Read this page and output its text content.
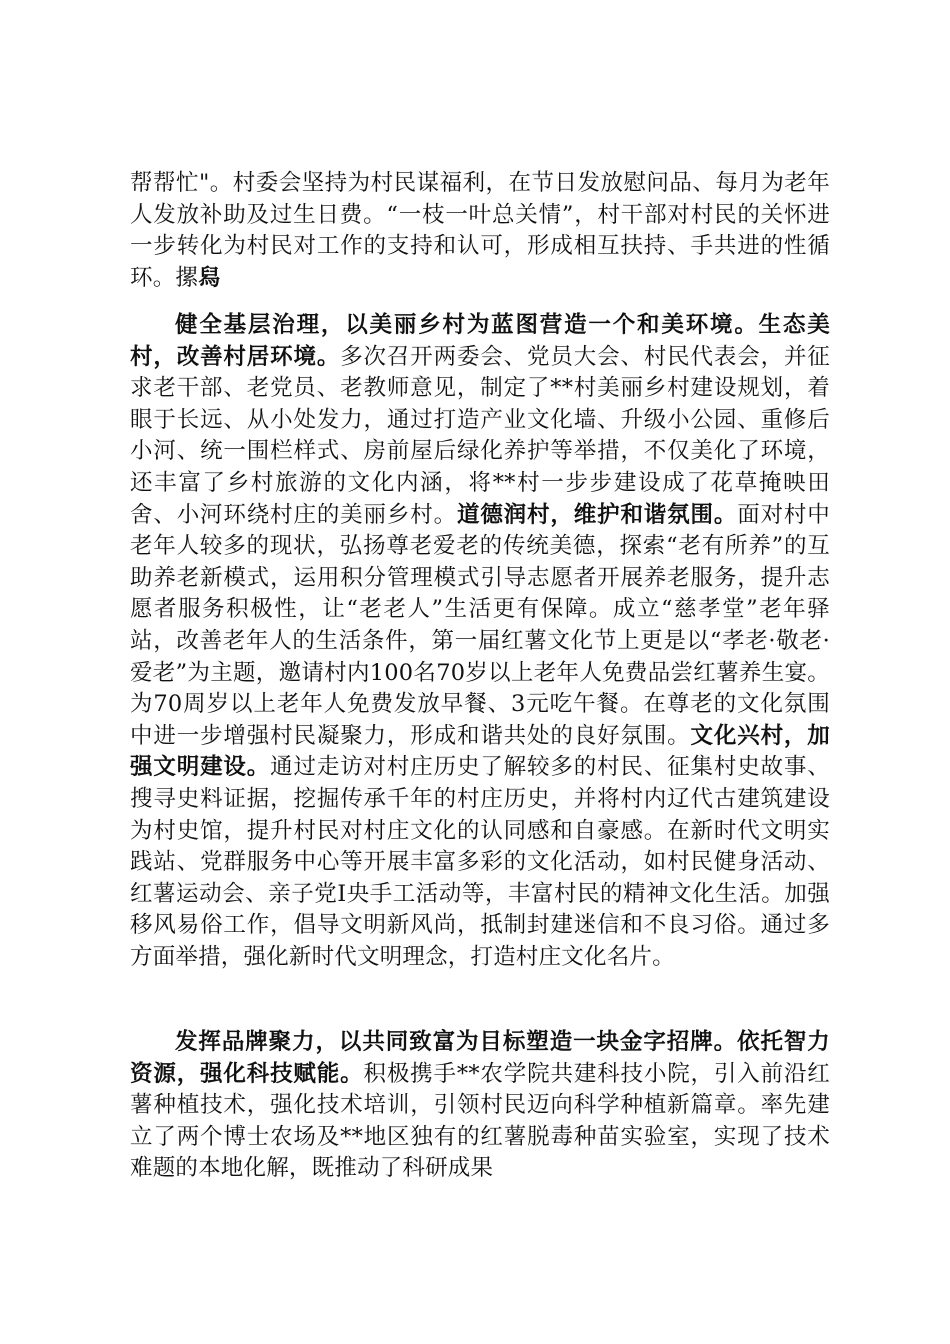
帮帮忙"。村委会坚持为村民谋福利，在节日发放慰问品、每月为老年人发放补助及过生日费。“一枝一叶总关情”，村干部对村民的关怀进一步转化为村民对工作的支持和认可，形成相互扶持、手共进的性循环。摞舄

健全基层治理，以美丽乡村为蓝图营造一个和美环境。生态美村，改善村居环境。多次召开两委会、党员大会、村民代表会，并征求老干部、老党员、老教师意见，制定了**村美丽乡村建设规划，着眼于长远、从小处发力，通过打造产业文化墙、升级小公园、重修后小河、统一围栏样式、房前屋后绿化养护等举措，不仅美化了环境，还丰富了乡村旅游的文化内涵，将**村一步步建设成了花草掩映田舍、小河环绕村庄的美丽乡村。道德润村，维护和谐氛围。面对村中老年人较多的现状，弘扬尊老爱老的传统美德，探索“老有所养”的互助养老新模式，运用积分管理模式引导志愿者开展养老服务，提升志愿者服务积极性，让“老老人”生活更有保障。成立“慈孝堂”老年驿站，改善老年人的生活条件，第一届红薯文化节上更是以“孝老·敬老·爱老”为主题，邀请村内100名70岁以上老年人免费品尝红薯养生宴。为70周岁以上老年人免费发放早餐、3元吃午餐。在尊老的文化氛围中进一步增强村民凝聚力，形成和谐共处的良好氛围。文化兴村，加强文明建设。通过走访对村庄历史了解较多的村民、征集村史故事、搜寻史料证据，挖掘传承千年的村庄历史，并将村内辽代古建筑建设为村史馆，提升村民对村庄文化的认同感和自豪感。在新时代文明实践站、党群服务中心等开展丰富多彩的文化活动，如村民健身活动、红薯运动会、亲子党Ⅰ央手工活动等，丰富村民的精神文化生活。加强移风易俗工作，倡导文明新风尚，抵制封建迷信和不良习俗。通过多方面举措，强化新时代文明理念，打造村庄文化名片。

发挥品牌聚力，以共同致富为目标塑造一块金字招牌。依托智力资源，强化科技赋能。积极携手**农学院共建科技小院，引入前沿红薯种植技术，强化技术培训，引领村民迈向科学种植新篇章。率先建立了两个博士农场及**地区独有的红薯脱毒种苗实验室，实现了技术难题的本地化解，既推动了科研成果
